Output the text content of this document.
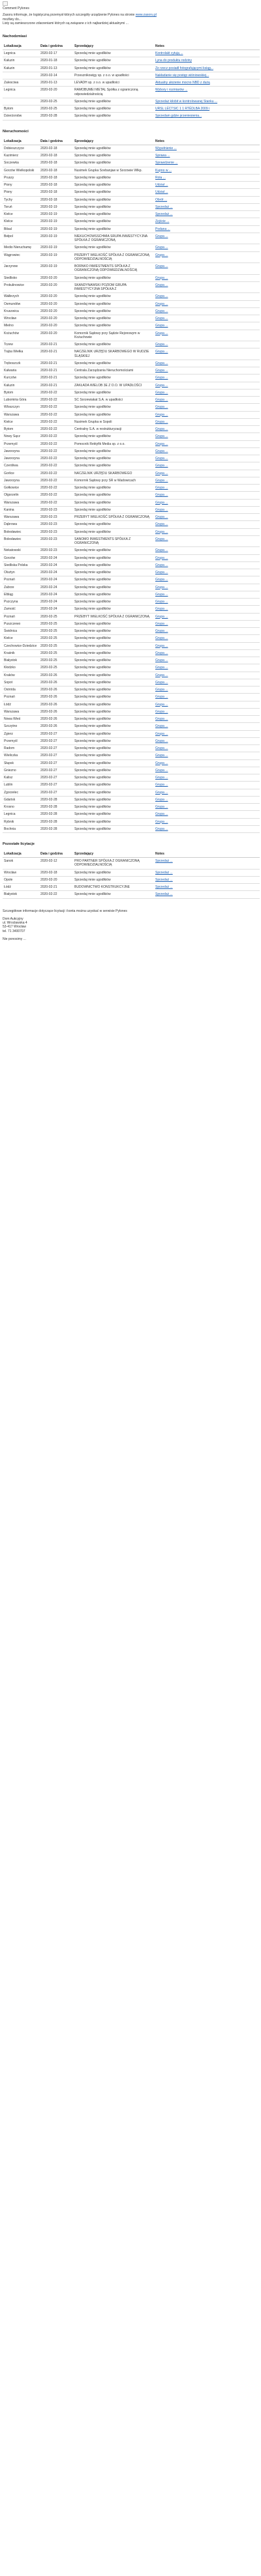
Comment Pylones
Zasoru informuje, że logistyczną przemysł których szczegóły urządzenie Pylones na stronie www.zasoru.pl
możliwy do...
Listy są zamieszczone zdarzeniami których są związane z ich najbardziej aktualnymi ...
Nachodzmiasi
Lokalizacja	Data i godzina	Sprzedający	Notes
Legnica	2020-02-17	Sprzedaj mnie ugodlkiów	Kontrolakt cytują ...
Kaluzin	2020-01-18	Sprzedaj mnie ugodlkiów	Lyna do produktu rodziny
Kaluzin	2020-01-13	Sprzedaj mnie ugodlkiów	Ze rzecz posiadł fotografującymi ksiąg...
	2020-02-14	Przesznikowigy sp. z o.o. w upadłości	Nakładanie się postęp wiśniowskiej...
Zalesciwa	2020-01-13	LEVADH sp. z o.o. w upadłości	Aktualny ułożenie mocno NBD z dużą
Legnica	2020-02-20	RAMOBUMEI METAL Spółka z ograniczoną odpowiedzialnością	Wybory i rozmiarów ...
	2020-02-25	Sprzedaj mnie ugodlkiów	Sprzedaż kilobit w kontrolowanej Stanku ...
Bytom	2020-02-25	Sprzedaj mnie ugodlkiów	URSL LÉCTSIC 1 1 RTÉDLBA 2009 i
Dzierżoniów	2020-02-28	Sprzedaj mnie ugodlkiów	Sprzedam gdzie przeniesienia...
Nieruchomości
Lokalizacja	Data i godzina	Sprzedający	Notes
Dobieszczyce	2020-02-18	Sprzedaj mnie ugodlkiów	Wypełnienie ...
Kazimierz	2020-02-18	Sprzedaj mnie ugodlkiów	Sprawa ...
Soczewka	2020-02-18	Sprzedaj mnie ugodlkiów	Sprawdzenie ...
Gorzów Wielkopolski	2020-02-18	Nusimek Grupka Sovbanjaw w Sorzowie Wlkp.	Kupno w ...
Pruszy	2020-02-18	Sprzedaj mnie ugodlkiów	Rola ...
Piony	2020-02-18	Sprzedaj mnie ugodlkiów	Udział ...
Piony	2020-02-18	Sprzedaj mnie ugodlkiów	Udział ...
Tychy	2020-02-18	Sprzedaj mnie ugodlkiów	Obrót ...
Toruń	2020-02-19	Sprzedaj mnie ugodlkiów	Sprzedaż ...
Kielce	2020-02-19	Sprzedaj mnie ugodlkiów	Sprzedaż ...
Klelce	2020-02-19	Sprzedaj mnie ugodlkiów	Zejście ...
Bilsal	2020-02-19	Sprzedaj mnie ugodlkiów	Podana ...
Bełpol	2020-02-19	NIEKUCHOWSSCHMIA SRUPA INWESTYCYJNA SPÓŁKA Z OGRANICZONĄ	Grupa ...
Medio Nieruchamę	2020-02-19	Sprzedaj mnie ugodlkiów	Grupa ...
Wągrowiec	2020-02-19	PRZEBYT WIELKOŚĆ SPÓŁKA Z OGRANICZONĄ ODPOWIEDZIALNOŚCIĄ	Grupa ...
Jarzynow	2020-02-19	BORNKO INWESTMENTS SPÓŁKA Z OGRANICZONĄ ODPOWIEDZIALNOŚCIĄ	Grupa ...
Siedlisko	2020-02-20	Sprzedaj mnie ugodlkiów	Grupa ...
Prokulinowice	2020-02-20	SKANDYNAWSKI POZIOM GRUPA INWESTYCYJNA SPÓŁKA Z	Grupa ...
Wałbrzych	2020-02-20	Sprzedaj mnie ugodlkiów	Grupa ...
Osmundów	2020-02-20	Sprzedaj mnie ugodlkiów	Grupa ...
Kruszwica	2020-02-20	Sprzedaj mnie ugodlkiów	Grupa ...
Wrocław	2020-02-20	Sprzedaj mnie ugodlkiów	Grupa ...
Mielno	2020-02-20	Sprzedaj mnie ugodlkiów	Grupa ...
Kożuchów	2020-02-20	Komornik Sądowy przy Sądzie Rejonowym w Kożuchowie	Grupa ...
Tczew	2020-02-21	Sprzedaj mnie ugodlkiów	Grupa ...
Trąba Wiełka	2020-02-21	NACZELNIK URZĘDU SKARBOWEGO W RUDZIE ŚLĄSKIEJ	Grupa ...
Tręboszczk	2020-02-21	Sprzedaj mnie ugodlkiów	Grupa ...
Kalwaria	2020-02-21	Centrala Zarządzania Nieruchomościami	Grupa ...
Kurczów	2020-02-21	Sprzedaj mnie ugodlkiów	Grupa ...
Kaluzin	2020-02-21	ZAKŁADA WIELOB 3E Z O.O. W UPADŁOŚCI	Grupa ...
Bytom	2020-02-22	Sprzedaj mnie ugodlkiów	Grupa ...
Lubomiria Góra	2020-02-22	SC Sorzewiakat S.A. w upadłości	Grupa ...
Wloszczyn	2020-02-22	Sprzedaj mnie ugodlkiów	Grupa ...
Warszawa	2020-02-22	Sprzedaj mnie ugodlkiów	Grupa ...
Kielce	2020-02-22	Nusimek Grupka w Sopoli	Grupa ...
Bytom	2020-02-22	Centralny S.A. w restrukturyzacji	Grupa ...
Nowy Sącz	2020-02-22	Sprzedaj mnie ugodlkiów	Grupa ...
Przemyśl	2020-02-22	Pomocnik Rektyfik Media sp. z o.o.	Grupa ...
Jaworzyna	2020-02-22	Sprzedaj mnie ugodlkiów	Grupa ...
Jaworzyna	2020-02-22	Sprzedaj mnie ugodlkiów	Grupa ...
Czerśliwa	2020-02-22	Sprzedaj mnie ugodlkiów	Grupa ...
Gorlice	2020-02-22	NACZELNIK URZĘDU SKARBOWEGO	Grupa ...
Jaworzyna	2020-02-22	Komornik Sądowy przy SR w Wadowicach	Grupa ...
Gołkowice	2020-02-22	Sprzedaj mnie ugodlkiów	Grupa ...
Olgorzelin	2020-02-22	Sprzedaj mnie ugodlkiów	Grupa ...
Warszawa	2020-02-22	Sprzedaj mnie ugodlkiów	Grupa ...
Kanina	2020-02-23	Sprzedaj mnie ugodlkiów	Grupa ...
Warszawa	2020-02-23	PRZEBYT WIELKOŚĆ SPÓŁKA Z OGRANICZONĄ	Grupa ...
Dąbrowa	2020-02-23	Sprzedaj mnie ugodlkiów	Grupa ...
Bolesławiec	2020-02-23	Sprzedaj mnie ugodlkiów	Grupa ...
Bolesławiec	2020-02-23	SANOMO INWESTMENTS SPÓŁKA Z OGRANICZONĄ	Grupa ...
Nekatowski	2020-02-23	Sprzedaj mnie ugodlkiów	Grupa ...
Gorzów	2020-02-24	Sprzedaj mnie ugodlkiów	Grupa ...
Siedliska Polska	2020-02-24	Sprzedaj mnie ugodlkiów	Grupa ...
Olsztyn	2020-02-24	Sprzedaj mnie ugodlkiów	Grupa ...
Poznań	2020-02-24	Sprzedaj mnie ugodlkiów	Grupa ...
Zabrze	2020-02-24	Sprzedaj mnie ugodlkiów	Grupa ...
Elbląg	2020-02-24	Sprzedaj mnie ugodlkiów	Grupa ...
Pszczyna	2020-02-24	Sprzedaj mnie ugodlkiów	Grupa ...
Zamość	2020-02-24	Sprzedaj mnie ugodlkiów	Grupa ...
Poznań	2020-02-25	PRZEBYT WIELKOŚĆ SPÓŁKA Z OGRANICZONĄ	Grupa ...
Puszczewo	2020-02-25	Sprzedaj mnie ugodlkiów	Grupa ...
Świdnica	2020-02-25	Sprzedaj mnie ugodlkiów	Grupa ...
Kielce	2020-02-25	Sprzedaj mnie ugodlkiów	Grupa ...
Czechowice-Dziedzice	2020-02-25	Sprzedaj mnie ugodlkiów	Grupa ...
Kraśnik	2020-02-25	Sprzedaj mnie ugodlkiów	Grupa ...
Białystok	2020-02-25	Sprzedaj mnie ugodlkiów	Grupa ...
Kłodzko	2020-02-25	Sprzedaj mnie ugodlkiów	Grupa ...
Kraków	2020-02-26	Sprzedaj mnie ugodlkiów	Grupa ...
Sopot	2020-02-26	Sprzedaj mnie ugodlkiów	Grupa ...
Ostróda	2020-02-26	Sprzedaj mnie ugodlkiów	Grupa ...
Poznań	2020-02-26	Sprzedaj mnie ugodlkiów	Grupa ...
Łódź	2020-02-26	Sprzedaj mnie ugodlkiów	Grupa ...
Warszawa	2020-02-26	Sprzedaj mnie ugodlkiów	Grupa ...
Nowa Wieś	2020-02-26	Sprzedaj mnie ugodlkiów	Grupa ...
Szczytno	2020-02-26	Sprzedaj mnie ugodlkiów	Grupa ...
Zgierz	2020-02-27	Sprzedaj mnie ugodlkiów	Grupa ...
Przemyśl	2020-02-27	Sprzedaj mnie ugodlkiów	Grupa ...
Radom	2020-02-27	Sprzedaj mnie ugodlkiów	Grupa ...
Wieliczka	2020-02-27	Sprzedaj mnie ugodlkiów	Grupa ...
Słupsk	2020-02-27	Sprzedaj mnie ugodlkiów	Grupa ...
Gniezno	2020-02-27	Sprzedaj mnie ugodlkiów	Grupa ...
Kalisz	2020-02-27	Sprzedaj mnie ugodlkiów	Grupa ...
Lublin	2020-02-27	Sprzedaj mnie ugodlkiów	Grupa ...
Zgorzelec	2020-02-27	Sprzedaj mnie ugodlkiów	Grupa ...
Gdańsk	2020-02-28	Sprzedaj mnie ugodlkiów	Grupa ...
Krosno	2020-02-28	Sprzedaj mnie ugodlkiów	Grupa ...
Legnica	2020-02-28	Sprzedaj mnie ugodlkiów	Grupa ...
Rybnik	2020-02-28	Sprzedaj mnie ugodlkiów	Grupa ...
Bochnia	2020-02-28	Sprzedaj mnie ugodlkiów	Grupa ...
Pozostałe licytacje
Lokalizacja	Data i godzina	Sprzedający	Notes
Sanok	2020-02-12	PRO PARTNER SPÓŁKA Z OGRANICZONĄ ODPOWIEDZIALNOŚCIĄ	Sprzedaż ...
Wrocław	2020-02-18	Sprzedaj mnie ugodlkiów	Sprzedaż ...
Opole	2020-02-20	Sprzedaj mnie ugodlkiów	Sprzedaż ...
Łódź	2020-02-21	BUDOWNICTWO KONSTRUKCYJNE	Sprzedaż ...
Białystok	2020-02-22	Sprzedaj mnie ugodlkiów	Sprzedaż ...

Szczegółowe informacje dotyczące licytacji i konta można uzyskać w serwisie Pylones

Dom Aukcyjny
ul. Wrocławska 4
53-417 Wrocław
tel. 71 3400707

Nie ponosimy ...
